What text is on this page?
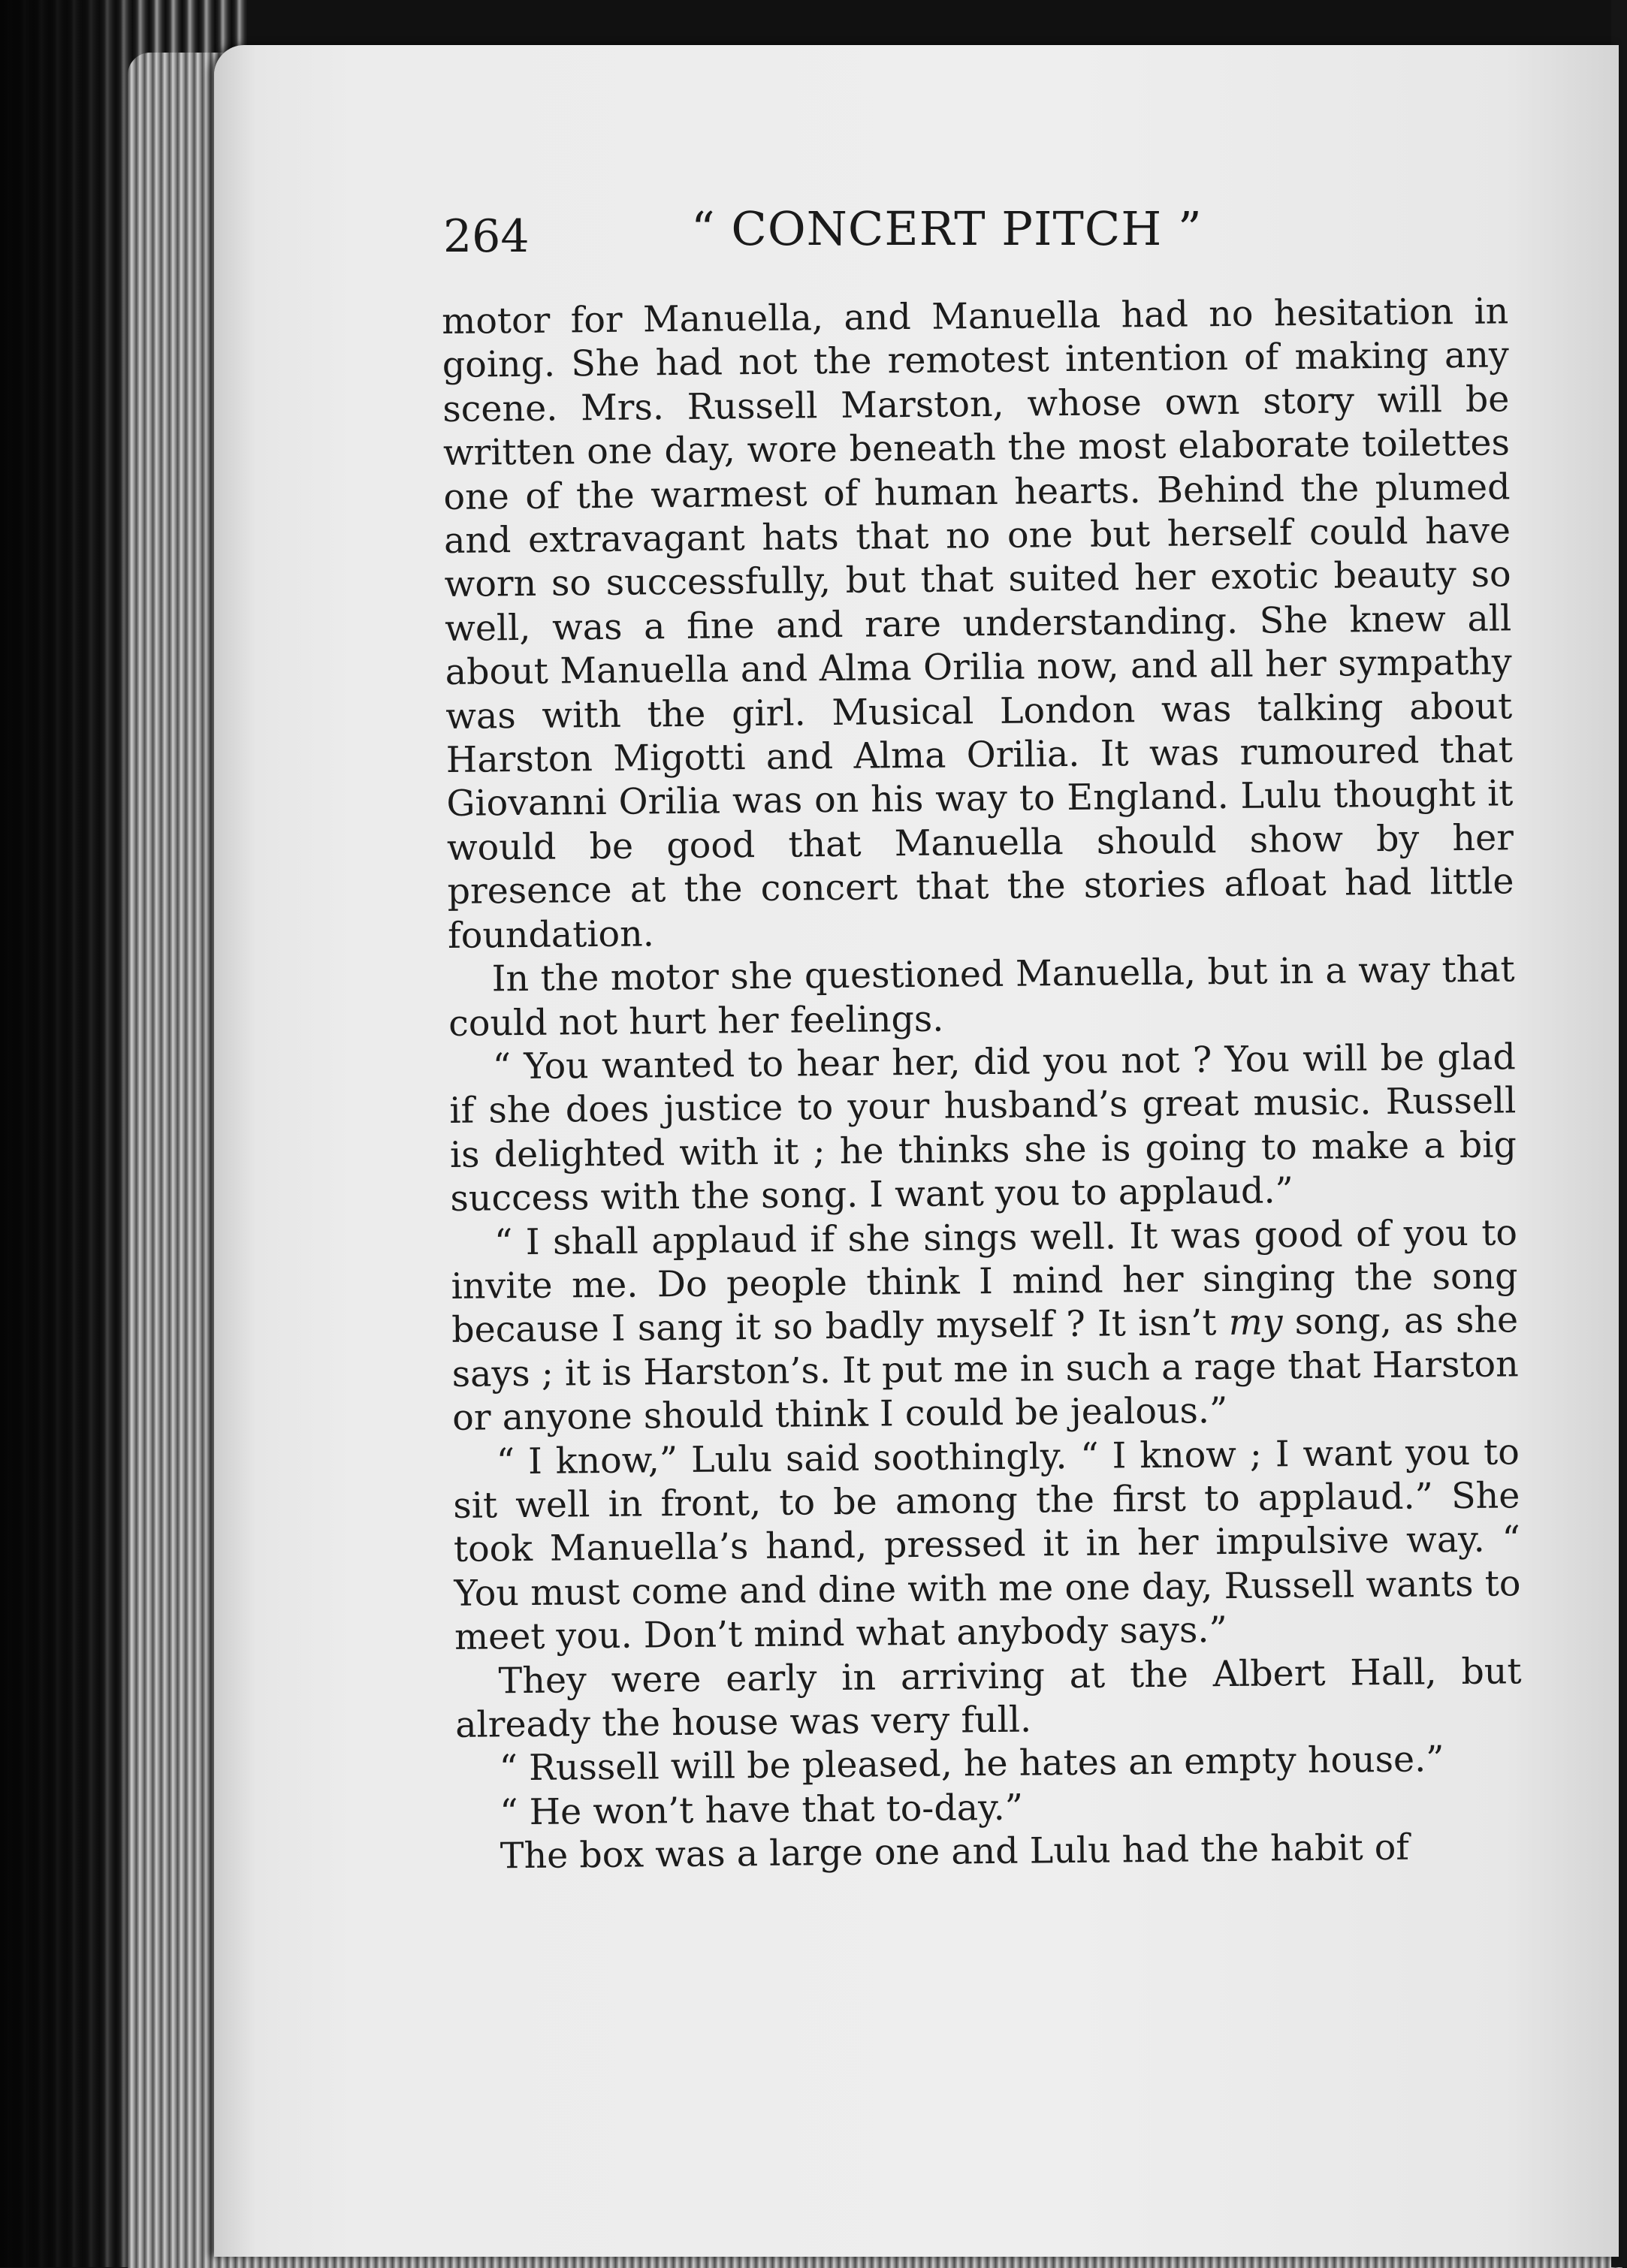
264	“ CONCERT PITCH ”

motor for Manuella, and Manuella had no hesitation in going. She had not the remotest intention of making any scene. Mrs. Russell Marston, whose own story will be written one day, wore beneath the most elaborate toilettes one of the warmest of human hearts. Behind the plumed and extravagant hats that no one but herself could have worn so successfully, but that suited her exotic beauty so well, was a fine and rare understanding. She knew all about Manuella and Alma Orilia now, and all her sympathy was with the girl. Musical London was talking about Harston Migotti and Alma Orilia. It was rumoured that Giovanni Orilia was on his way to England. Lulu thought it would be good that Manuella should show by her presence at the concert that the stories afloat had little foundation.

In the motor she questioned Manuella, but in a way that could not hurt her feelings.

“ You wanted to hear her, did you not ? You will be glad if she does justice to your husband’s great music. Russell is delighted with it ; he thinks she is going to make a big success with the song. I want you to applaud.”

“ I shall applaud if she sings well. It was good of you to invite me. Do people think I mind her singing the song because I sang it so badly myself ? It isn’t my song, as she says ; it is Harston’s. It put me in such a rage that Harston or anyone should think I could be jealous.”

“ I know,” Lulu said soothingly. “ I know ; I want you to sit well in front, to be among the first to applaud.” She took Manuella’s hand, pressed it in her impulsive way. “ You must come and dine with me one day, Russell wants to meet you. Don’t mind what anybody says.”

They were early in arriving at the Albert Hall, but already the house was very full.

“ Russell will be pleased, he hates an empty house.”

“ He won’t have that to-day.”

The box was a large one and Lulu had the habit of
